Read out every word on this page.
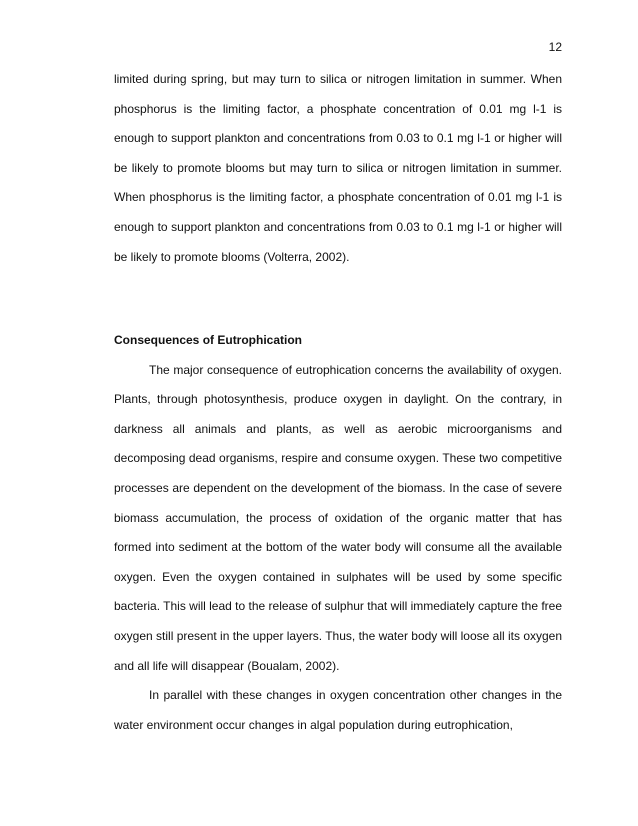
12

limited during spring, but may turn to silica or nitrogen limitation in summer. When phosphorus is the limiting factor, a phosphate concentration of 0.01 mg l-1 is enough to support plankton and concentrations from 0.03 to 0.1 mg l-1 or higher will be likely to promote blooms but may turn to silica or nitrogen limitation in summer. When phosphorus is the limiting factor, a phosphate concentration of 0.01 mg l-1 is enough to support plankton and concentrations from 0.03 to 0.1 mg l-1 or higher will be likely to promote blooms (Volterra, 2002).

Consequences of Eutrophication

The major consequence of eutrophication concerns the availability of oxygen. Plants, through photosynthesis, produce oxygen in daylight. On the contrary, in darkness all animals and plants, as well as aerobic microorganisms and decomposing dead organisms, respire and consume oxygen. These two competitive processes are dependent on the development of the biomass. In the case of severe biomass accumulation, the process of oxidation of the organic matter that has formed into sediment at the bottom of the water body will consume all the available oxygen. Even the oxygen contained in sulphates will be used by some specific bacteria. This will lead to the release of sulphur that will immediately capture the free oxygen still present in the upper layers. Thus, the water body will loose all its oxygen and all life will disappear (Boualam, 2002).

In parallel with these changes in oxygen concentration other changes in the water environment occur changes in algal population during eutrophication,
